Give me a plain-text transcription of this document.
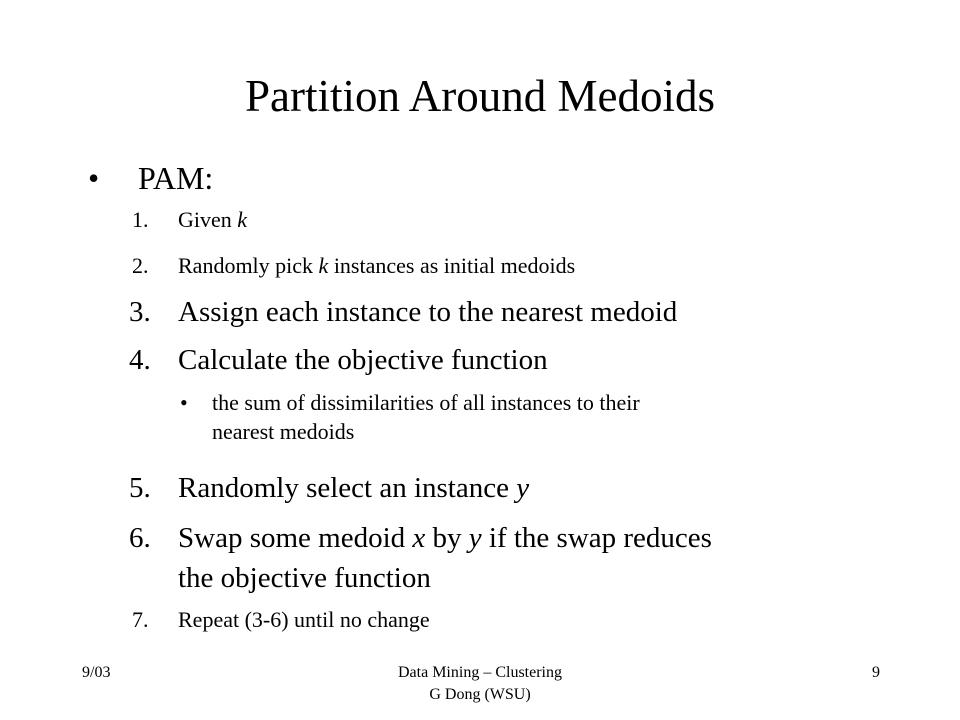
Partition Around Medoids
• PAM:
1. Given k
2. Randomly pick k instances as initial medoids
3. Assign each instance to the nearest medoid
4. Calculate the objective function
• the sum of dissimilarities of all instances to their
nearest medoids
5. Randomly select an instance y
6. Swap some medoid x by y if the swap reduces
the objective function
7. Repeat (3-6) until no change
9/03	Data Mining – Clustering
G Dong (WSU)
9
